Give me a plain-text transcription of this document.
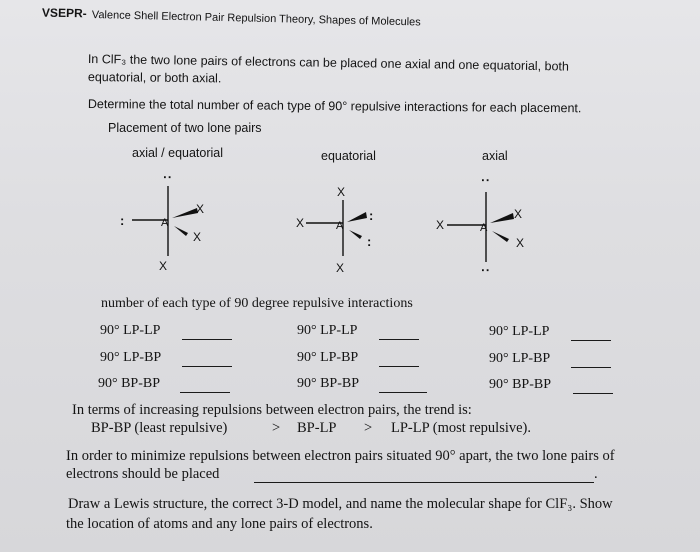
VSEPR- Valence Shell Electron Pair Repulsion Theory, Shapes of Molecules
In ClF₃ the two lone pairs of electrons can be placed one axial and one equatorial, both
equatorial, or both axial.
Determine the total number of each type of 90° repulsive interactions for each placement.
Placement of two lone pairs
axial / equatorial	equatorial	axial
:
:	A
X
X
X
X
X	A
:
:
X
:
X	A
X
X
:
number of each type of 90 degree repulsive interactions
90° LP-LP
90° LP-BP
90° BP-BP
90° LP-LP
90° LP-BP
90° BP-BP
90° LP-LP
90° LP-BP
90° BP-BP
In terms of increasing repulsions between electron pairs, the trend is:
BP-BP (least repulsive)	> BP-LP > LP-LP (most repulsive).
In order to minimize repulsions between electron pairs situated 90° apart, the two lone pairs of
electrons should be placed	.
Draw a Lewis structure, the correct 3-D model, and name the molecular shape for ClF₃. Show
the location of atoms and any lone pairs of electrons.
